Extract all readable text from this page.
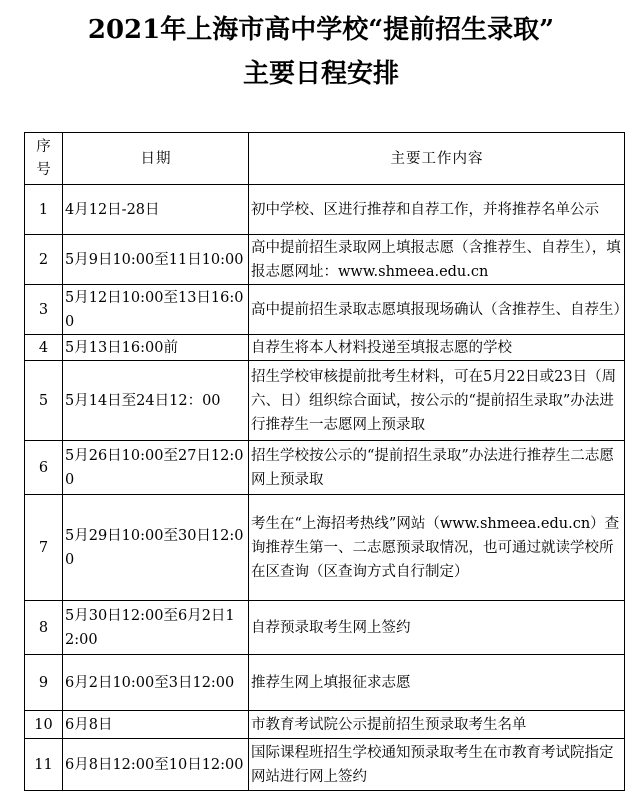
2021年上海市高中学校“提前招生录取”
主要日程安排
序
号	日期	主要工作内容
1	4月12日-28日	初中学校、区进行推荐和自荐工作，并将推荐名单公示
2	5月9日10:00至11日10:00	高中提前招生录取网上填报志愿（含推荐生、自荐生），填报志愿网址：www.shmeea.edu.cn
3	5月12日10:00至13日16:00	高中提前招生录取志愿填报现场确认（含推荐生、自荐生）
4	5月13日16:00前	自荐生将本人材料投递至填报志愿的学校
5	5月14日至24日12：00	招生学校审核提前批考生材料，可在5月22日或23日（周六、日）组织综合面试，按公示的“提前招生录取”办法进行推荐生一志愿网上预录取
6	5月26日10:00至27日12:00	招生学校按公示的“提前招生录取”办法进行推荐生二志愿网上预录取
7	5月29日10:00至30日12:00	考生在“上海招考热线”网站（www.shmeea.edu.cn）查询推荐生第一、二志愿预录取情况，也可通过就读学校所在区查询（区查询方式自行制定）
8	5月30日12:00至6月2日12:00	自荐预录取考生网上签约
9	6月2日10:00至3日12:00	推荐生网上填报征求志愿
10	6月8日	市教育考试院公示提前招生预录取考生名单
11	6月8日12:00至10日12:00	国际课程班招生学校通知预录取考生在市教育考试院指定网站进行网上签约
